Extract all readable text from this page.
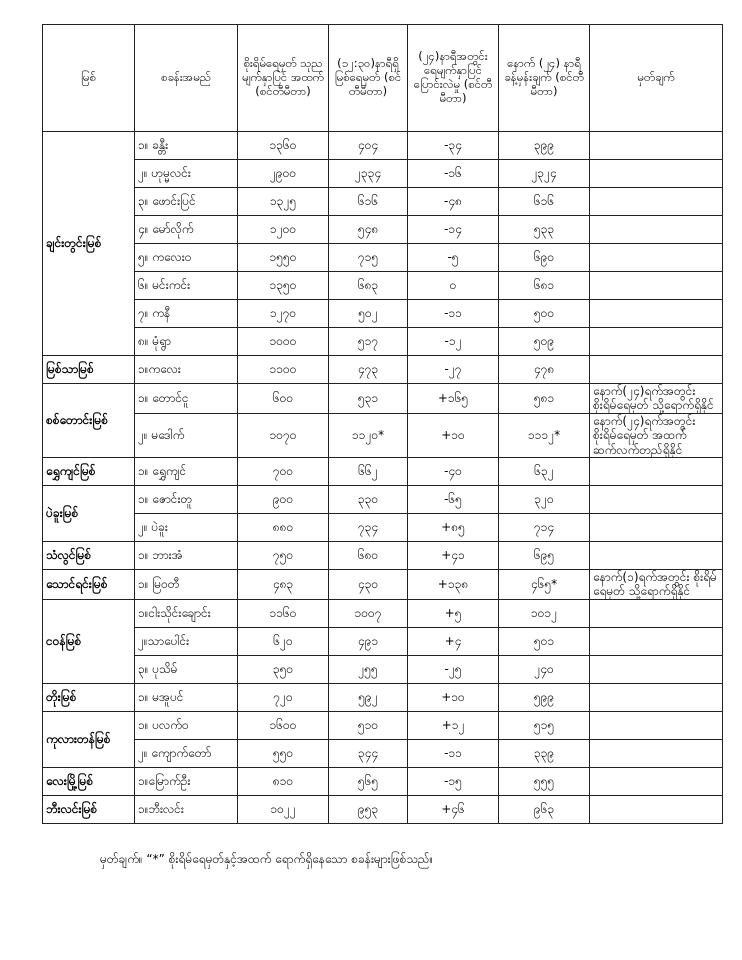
မြစ်	စခန်းအမည်	စိုးရိမ်ရေမှတ် သုညမျက်နှာပြင် အထက် (စင်တီမီတာ)	(၁၂:၃၀)နာရီရှိ မြစ်ရေမှတ် (စင်တီမီတာ)	(၂၄)နာရီအတွင်း ရေမျက်နှာပြင် ပြောင်းလဲမှု (စင်တီမီတာ)	နောက် (၂၄) နာရီ ခန့်မှန်းချက် (စင်တီမီတာ)	မှတ်ချက်
ချင်းတွင်းမြစ်	၁။ ခန္တီး	၁၃၆၀	၄၀၄	-၃၄	၃၉၉	
	၂။ ဟုမ္မလင်း	၂၉၀၀	၂၃၃၄	-၁၆	၂၃၂၄	
	၃။ ဖောင်းပြင်	၁၃၂၅	၆၁၆	-၄၈	၆၁၆	
	၄။ မော်လိုက်	၁၂၀၀	၅၄၈	-၁၄	၅၃၃	
	၅။ ကလေးဝ	၁၅၅၀	၇၁၅	-၅	၆၉၀	
	၆။ မင်းကင်း	၁၃၅၀	၆၈၃	၀	၆၈၁	
	၇။ ကနီ	၁၂၇၀	၅၀၂	-၁၁	၅၀၀	
	၈။ မုံရွာ	၁၀၀၀	၅၁၇	-၁၂	၅၀၉	
မြစ်သာမြစ်	၁။ကလေး	၁၁၀၀	၄၇၃	-၂၇	၄၇၈	
စစ်တောင်းမြစ်	၁။ တောင်ငူ	၆၀၀	၅၃၁	+၁၆၅	၅၈၁	နောက်(၂၄)ရက်အတွင်း စိုးရိမ်ရေမှတ် သို့ရောက်ရှိနိုင်
	၂။ မဒေါက်	၁၀၇၀	၁၁၂၀*	+၁၀	၁၁၁၂*	နောက်(၂၄)ရက်အတွင်း စိုးရိမ်ရေမှတ် အထက် ဆက်လက်တည်ရှိနိုင်
ရွှေကျင်မြစ်	၁။ ရွှေကျင်	၇၀၀	၆၆၂	-၄၀	၆၃၂	
ပဲခူးမြစ်	၁။ ဇောင်းတူ	၉၀၀	၃၃၀	-၆၅	၃၂၀	
	၂။ ပဲခူး	၈၈၀	၇၃၄	+၈၅	၇၁၄	
သံလွင်မြစ်	၁။ ဘားအံ	၇၅၀	၆၈၀	+၄၁	၆၉၅	
သောင်ရင်းမြစ်	၁။ မြဝတီ	၄၈၃	၄၃၀	+၁၃၈	၄၆၅*	နောက်(၁)ရက်အတွင်း စိုးရိမ်ရေမှတ် သို့ရောက်ရှိနိုင်
ငဝန်မြစ်	၁။ငါးသိုင်းချောင်း	၁၁၆၀	၁၀၀၇	+၅	၁၀၁၂	
	၂။သာပေါင်း	၆၂၀	၄၉၁	+၄	၅၀၁	
	၃။ ပုသိမ်	၃၅၀	၂၅၅	-၂၅	၂၄၀	
တိုးမြစ်	၁။ မအူပင်	၇၂၀	၅၉၂	+၁၀	၅၉၉	
ကုလားတန်မြစ်	၁။ ပလက်ဝ	၁၆၀၀	၅၁၀	+၁၂	၅၁၅	
	၂။ ကျောက်တော်	၅၅၀	၃၄၄	-၁၁	၃၃၉	
လေးမြို့မြစ်	၁။မြောက်ဦး	၈၁၀	၅၆၅	-၁၅	၅၅၅	
ဘီးလင်းမြစ်	၁။ဘီးလင်း	၁၀၂၂	၉၅၃	+၄၆	၉၆၃	
မှတ်ချက်။ “*” စိုးရိမ်ရေမှတ်နှင့်အထက် ရောက်ရှိနေသော စခန်းများဖြစ်သည်။
